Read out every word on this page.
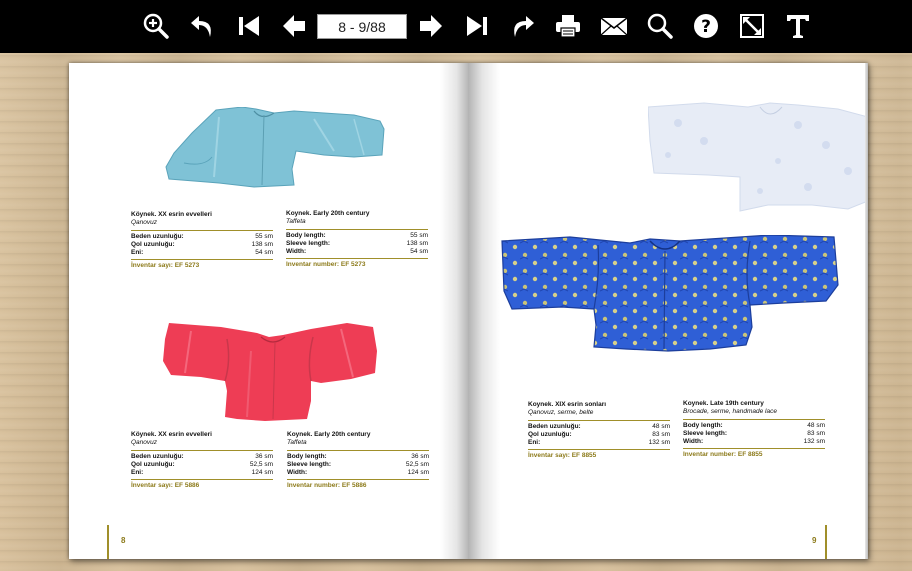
8 - 9/88
?
Köynek. XX esrin evvelleri
Qanovuz
Beden uzunluğu:	55 sm
Qol uzunluğu:	138 sm
Eni:	54 sm
İnventar sayı: EF 5273
Koynek. Early 20th century
Taffeta
Body length:	55 sm
Sleeve length:	138 sm
Width:	54 sm
Inventar number: EF 5273
Köynek. XX esrin evvelleri
Qanovuz
Beden uzunluğu:	36 sm
Qol uzunluğu:	52,5 sm
Eni:	124 sm
İnventar sayı: EF 5886
Koynek. Early 20th century
Taffeta
Body length:	36 sm
Sleeve length:	52,5 sm
Width:	124 sm
Inventar number: EF 5886
8
Koynek. XIX esrin sonları
Qanovuz, serme, belte
Beden uzunluğu:	48 sm
Qol uzunluğu:	83 sm
Eni:	132 sm
İnventar sayı: EF 8855
Koynek. Late 19th century
Brocade, serme, handmade lace
Body length:	48 sm
Sleeve length:	83 sm
Width:	132 sm
Inventar number: EF 8855
9
